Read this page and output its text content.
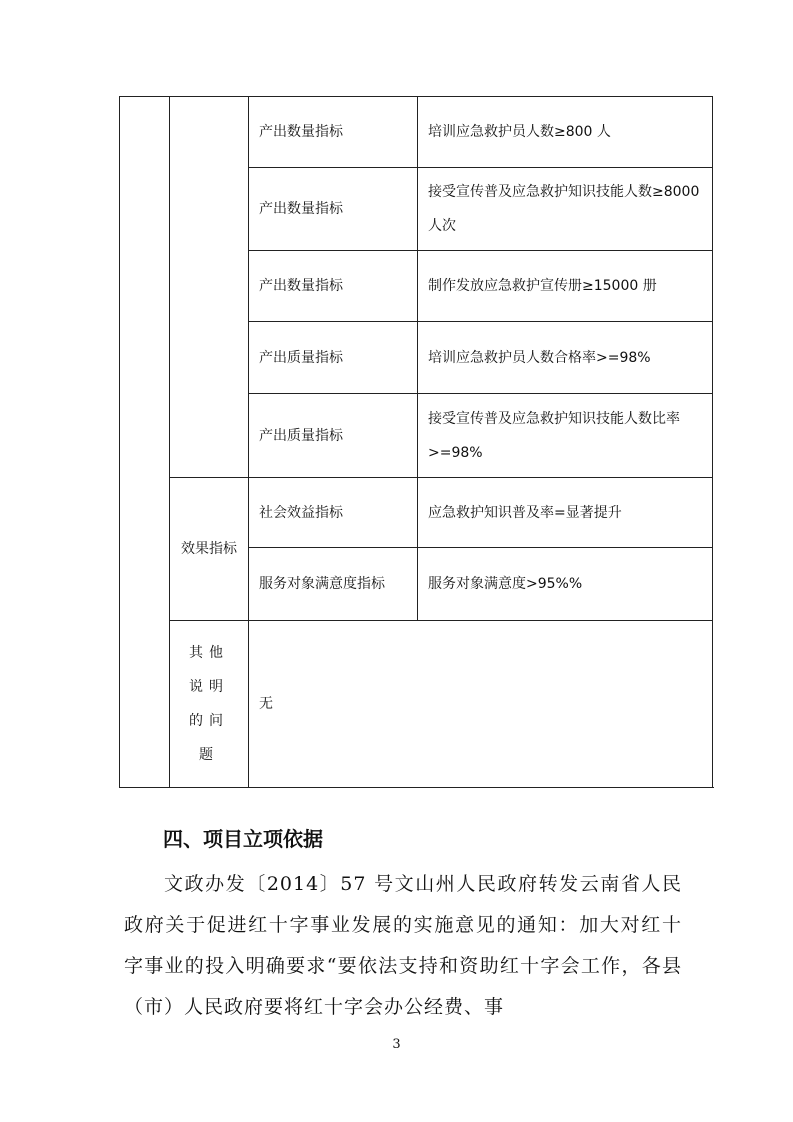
		产出数量指标	培训应急救护员人数≥800 人
		产出数量指标	接受宣传普及应急救护知识技能人数≥8000 人次
		产出数量指标	制作发放应急救护宣传册≥15000 册
		产出质量指标	培训应急救护员人数合格率>=98%
		产出质量指标	接受宣传普及应急救护知识技能人数比率>=98%
	效果指标	社会效益指标	应急救护知识普及率=显著提升
		服务对象满意度指标	服务对象满意度>95%%
	其他说明的问题	无	
四、项目立项依据
文政办发〔2014〕57 号文山州人民政府转发云南省人民政府关于促进红十字事业发展的实施意见的通知：加大对红十字事业的投入明确要求“要依法支持和资助红十字会工作，各县（市）人民政府要将红十字会办公经费、事
3
